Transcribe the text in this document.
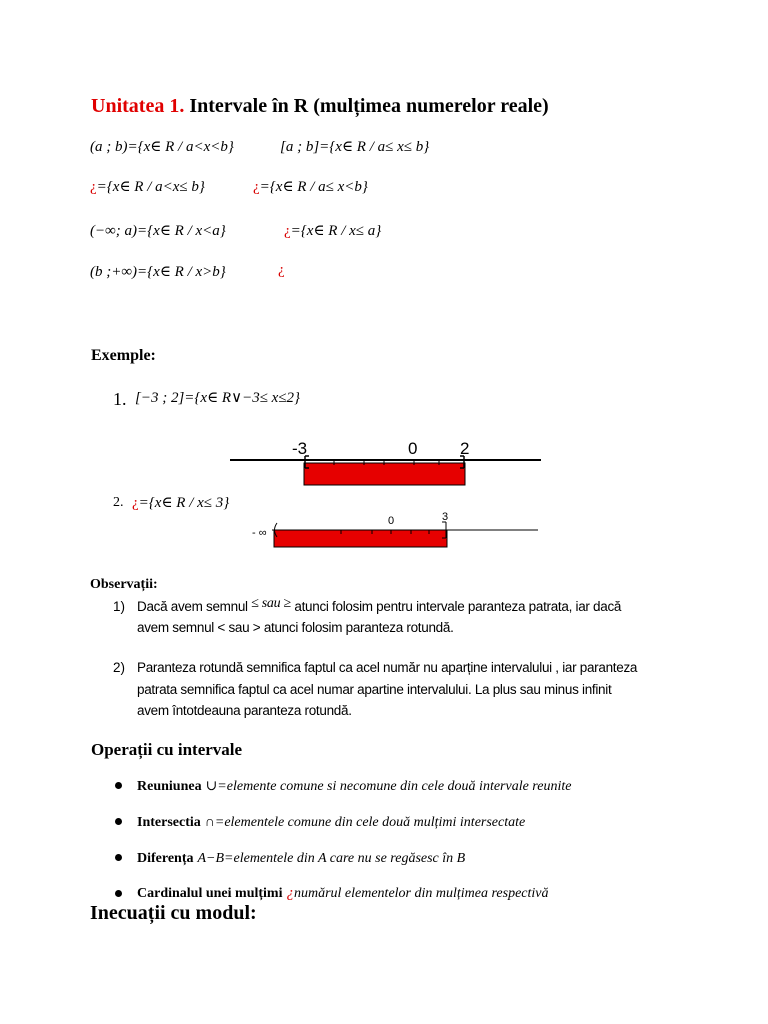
Unitatea 1. Intervale în R (mulțimea numerelor reale)
(a ; b)={x∈ R / a<x<b}	[a ; b]={x∈ R / a≤ x≤ b}
¿={x∈ R / a<x≤ b}	¿={x∈ R / a≤ x<b}
(−∞; a)={x∈ R / x<a}	¿={x∈ R / x≤ a}
(b ;+∞)={x∈ R / x>b}	¿
Exemple:
1. [−3 ; 2]={x∈ R∨−3≤ x≤2}
-3	0	2
2. ¿={x∈ R / x≤ 3}
- ∞
0	3
Observații:
1) Dacă avem semnul ≤ sau ≥ atunci folosim pentru intervale paranteza patrata, iar dacă
avem semnul < sau > atunci folosim paranteza rotundă.
2) Paranteza rotundă semnifica faptul ca acel număr nu aparține intervalului , iar paranteza
patrata semnifica faptul ca acel numar apartine intervalului. La plus sau minus infinit
avem întotdeauna paranteza rotundă.
Operații cu intervale
Reuniunea ∪=elemente comune si necomune din cele două intervale reunite
Intersectia ∩=elementele comune din cele două mulțimi intersectate
Diferența A−B=elementele din A care nu se regăsesc în B
Cardinalul unei mulțimi ¿numărul elementelor din mulțimea respectivă
Inecuații cu modul:
